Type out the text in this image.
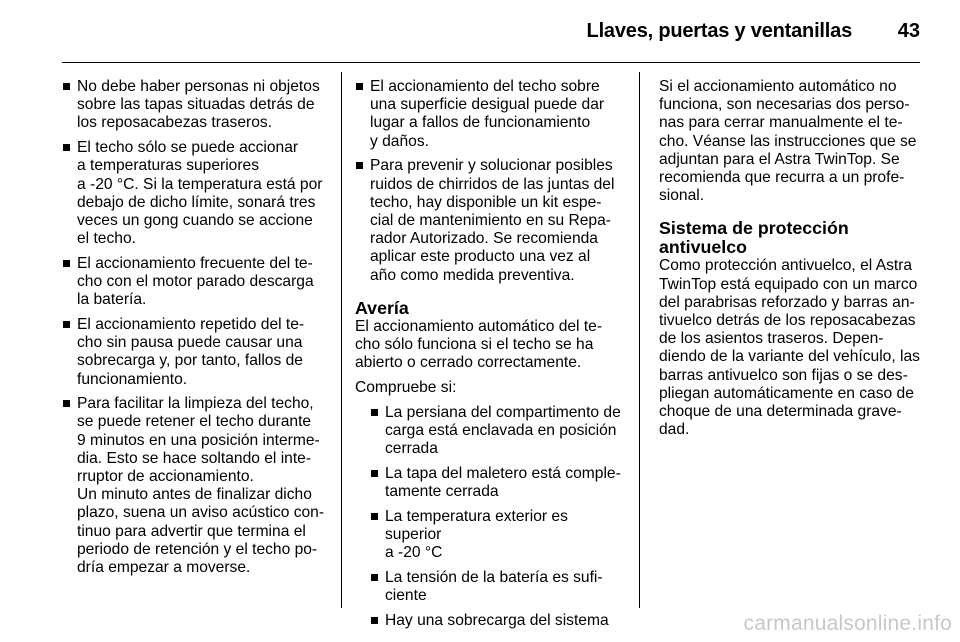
Llaves, puertas y ventanillas 43
No debe haber personas ni objetos
sobre las tapas situadas detrás de
los reposacabezas traseros.
El techo sólo se puede accionar
a temperaturas superiores
a -20 °C. Si la temperatura está por
debajo de dicho límite, sonará tres
veces un gong cuando se accione
el techo.
El accionamiento frecuente del te-
cho con el motor parado descarga
la batería.
El accionamiento repetido del te-
cho sin pausa puede causar una
sobrecarga y, por tanto, fallos de
funcionamiento.
Para facilitar la limpieza del techo,
se puede retener el techo durante
9 minutos en una posición interme-
dia. Esto se hace soltando el inte-
rruptor de accionamiento.
Un minuto antes de finalizar dicho
plazo, suena un aviso acústico con-
tinuo para advertir que termina el
periodo de retención y el techo po-
dría empezar a moverse.
El accionamiento del techo sobre
una superficie desigual puede dar
lugar a fallos de funcionamiento
y daños.
Para prevenir y solucionar posibles
ruidos de chirridos de las juntas del
techo, hay disponible un kit espe-
cial de mantenimiento en su Repa-
rador Autorizado. Se recomienda
aplicar este producto una vez al
año como medida preventiva.
Avería
El accionamiento automático del te-
cho sólo funciona si el techo se ha
abierto o cerrado correctamente.
Compruebe si:
La persiana del compartimento de
carga está enclavada en posición
cerrada
La tapa del maletero está comple-
tamente cerrada
La temperatura exterior es superior
a -20 °C
La tensión de la batería es sufi-
ciente
Hay una sobrecarga del sistema
Si el accionamiento automático no
funciona, son necesarias dos perso-
nas para cerrar manualmente el te-
cho. Véanse las instrucciones que se
adjuntan para el Astra TwinTop. Se
recomienda que recurra a un profe-
sional.
Sistema de protección
antivuelco
Como protección antivuelco, el Astra
TwinTop está equipado con un marco
del parabrisas reforzado y barras an-
tivuelco detrás de los reposacabezas
de los asientos traseros. Depen-
diendo de la variante del vehículo, las
barras antivuelco son fijas o se des-
pliegan automáticamente en caso de
choque de una determinada grave-
dad.
carmanualsonline.info
